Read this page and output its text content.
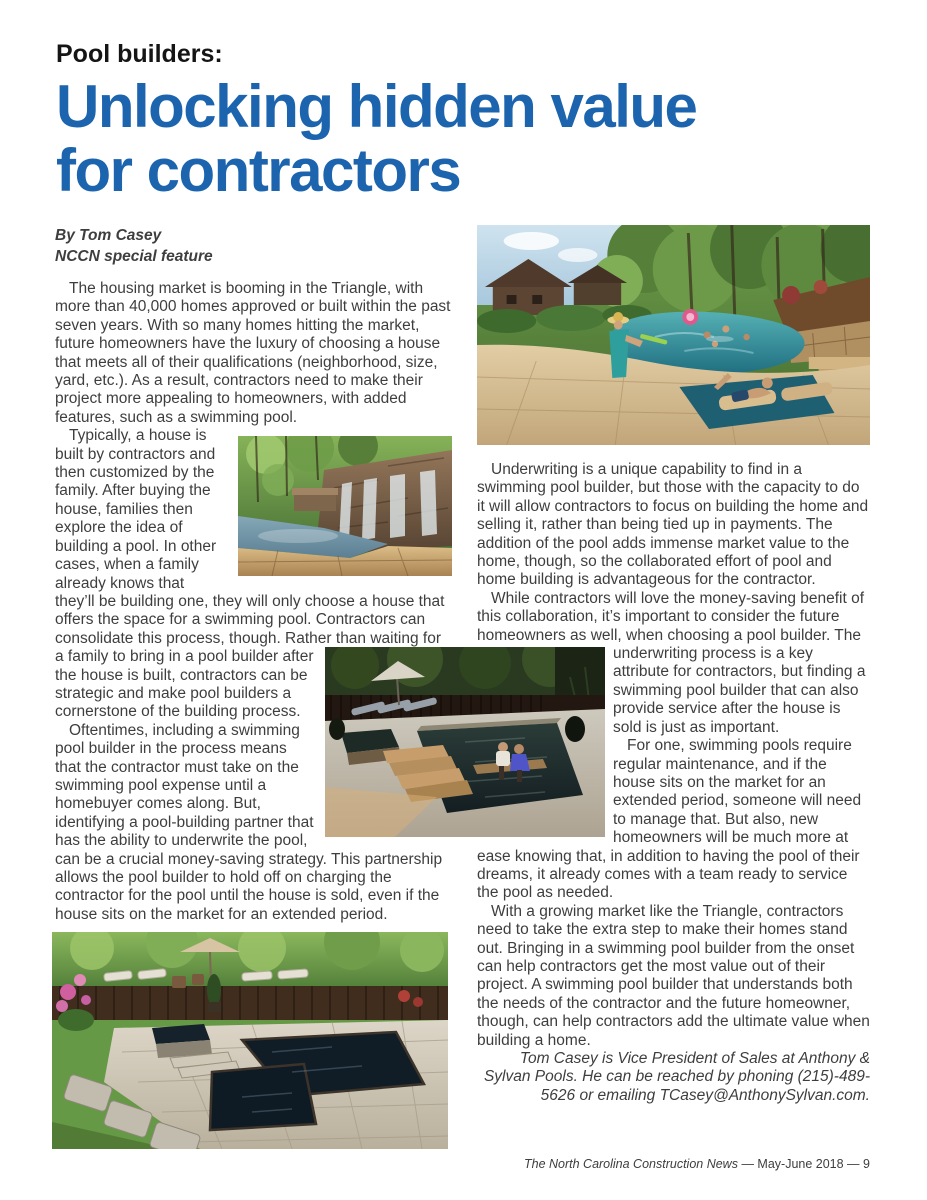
Pool builders:
Unlocking hidden value
for contractors
By Tom Casey
NCCN special feature

The housing market is booming in the Triangle, with more than 40,000 homes approved or built within the past seven years. With so many homes hitting the market, future homeowners have the luxury of choosing a house that meets all of their qualifications (neighborhood, size, yard, etc.). As a result, contractors need to make their project more appealing to homeowners, with added features, such as a swimming pool.

Typically, a house is built by contractors and then customized by the family. After buying the house, families then explore the idea of building a pool. In other cases, when a family already knows that they’ll be building one, they will only choose a house that offers the space for a swimming pool. Contractors can consolidate this process, though. Rather than waiting for a family to bring in a pool builder after the house is built, contractors can be strategic and make pool builders a cornerstone of the building process.

Oftentimes, including a swimming pool builder in the process means that the contractor must take on the swimming pool expense until a homebuyer comes along. But, identifying a pool-building partner that has the ability to underwrite the pool, can be a crucial money-saving strategy. This partnership allows the pool builder to hold off on charging the contractor for the pool until the house is sold, even if the house sits on the market for an extended period.

Underwriting is a unique capability to find in a swimming pool builder, but those with the capacity to do it will allow contractors to focus on building the home and selling it, rather than being tied up in payments. The addition of the pool adds immense market value to the home, though, so the collaborated effort of pool and home building is advantageous for the contractor.

While contractors will love the money-saving benefit of this collaboration, it’s important to consider the future homeowners as well, when choosing a pool builder. The
underwriting process is a key attribute for contractors, but finding a swimming pool builder that can also provide service after the house is sold is just as important.

For one, swimming pools require regular maintenance, and if the house sits on the market for an extended period, someone will need to manage that. But also, new homeowners will be much more at ease knowing that, in addition to having the pool of their dreams, it already comes with a team ready to service the pool as needed.

With a growing market like the Triangle, contractors need to take the extra step to make their homes stand out. Bringing in a swimming pool builder from the onset can help contractors get the most value out of their project. A swimming pool builder that understands both the needs of the contractor and the future homeowner, though, can help contractors add the ultimate value when building a home.

Tom Casey is Vice President of Sales at Anthony & Sylvan Pools. He can be reached by phoning (215)-489-5626 or emailing TCasey@AnthonySylvan.com.

The North Carolina Construction News — May-June 2018 — 9
